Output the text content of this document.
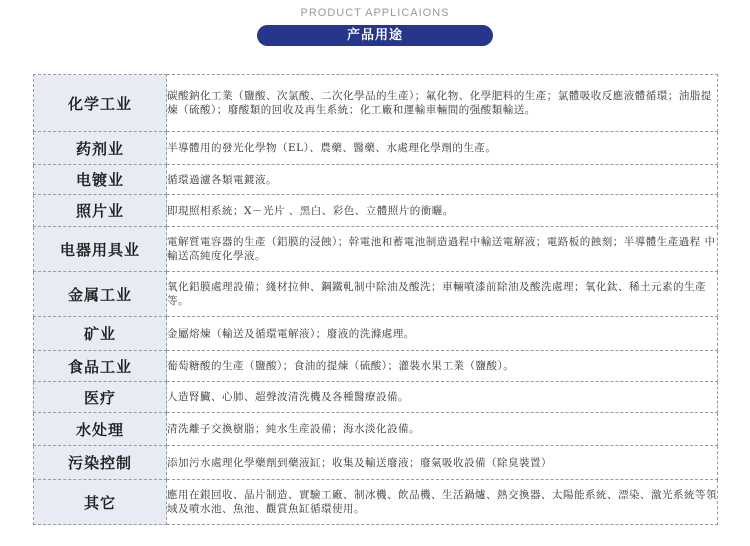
PRODUCT APPLICAIONS
产品用途
化学工业	碳酸鈉化工業（鹽酸、次氯酸、二次化學品的生產）；氟化物、化學肥料的生產；氯體吸收反應液體循環；油脂提煉（硫酸）；廢酸類的回收及再生系統；化工廠和運輸車輛間的强酸類輸送。
药剂业	半導體用的發光化學物（EL）、農藥、醫藥、水處理化學劑的生產。
电镀业	循環過濾各類電鍍液。
照片业	即現照相系統；X－光片 、黑白、彩色、立體照片的衝曬。
电器用具业	電解質電容器的生產（鋁膜的浸蝕）；幹電池和蓄電池制造過程中輸送電解液；電路板的蝕刻；半導體生產過程 中輸送高純度化學液。
金属工业	氧化鋁膜處理設備；綫材拉伸、鋼鐵軋制中除油及酸洗；車輛噴漆前除油及酸洗處理；氧化鈦、稀土元素的生產等。
矿业	金屬熔煉（輸送及循環電解液）；廢液的洗滌處理。
食品工业	葡萄糖酸的生產（鹽酸）；食油的提煉（硫酸）；灌裝水果工業（鹽酸）。
医疗	人造腎臟、心肺、超聲波清洗機及各種醫療設備。
水处理	清洗離子交換樹脂；純水生産設備；海水淡化設備。
污染控制	添加污水處理化學藥劑到藥液缸；收集及輸送廢液；廢氣吸收設備（除臭裝置）
其它	應用在銀回收、晶片制造、實驗工廠、制冰機、飲品機、生活鍋爐、熱交換器、太陽能系統、漂染、激光系統等領域及噴水池、魚池、觀賞魚缸循環使用。
